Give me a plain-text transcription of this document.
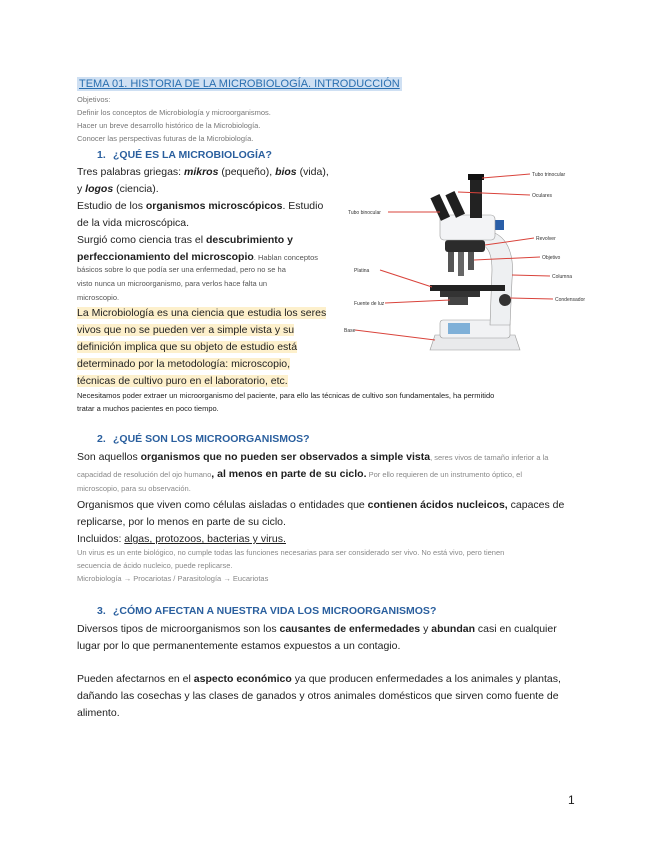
TEMA 01. HISTORIA DE LA MICROBIOLOGÍA. INTRODUCCIÓN
Objetivos:
Definir los conceptos de Microbiología y microorganismos.
Hacer un breve desarrollo histórico de la Microbiología.
Conocer las perspectivas futuras de la Microbiología.
1. ¿QUÉ ES LA MICROBIOLOGÍA?
Tres palabras griegas: mikros (pequeño), bios (vida),
y logos (ciencia).
Estudio de los organismos microscópicos. Estudio
de la vida microscópica.
Surgió como ciencia tras el descubrimiento y
perfeccionamiento del microscopio. Hablan conceptos
básicos sobre lo que podía ser una enfermedad, pero no se ha
visto nunca un microorganismo, para verlos hace falta un
microscopio.
La Microbiología es una ciencia que estudia los seres
vivos que no se pueden ver a simple vista y su
definición implica que su objeto de estudio está
determinado por la metodología: microscopio,
técnicas de cultivo puro en el laboratorio, etc.
Necesitamos poder extraer un microorganismo del paciente, para ello las técnicas de cultivo son fundamentales, ha permitido
tratar a muchos pacientes en poco tiempo.
Tubo trinocular
Oculares
Tubo binocular
Revolver
Objetivo
Platina
Columna
Fuente de luz
Condensador
Base
2. ¿QUÉ SON LOS MICROORGANISMOS?
Son aquellos organismos que no pueden ser observados a simple vista, seres vivos de tamaño inferior a la
capacidad de resolución del ojo humano, al menos en parte de su ciclo. Por ello requieren de un instrumento óptico, el
microscopio, para su observación.
Organismos que viven como células aisladas o entidades que contienen ácidos nucleicos, capaces de
replicarse, por lo menos en parte de su ciclo.
Incluidos: algas, protozoos, bacterias y virus.
Un virus es un ente biológico, no cumple todas las funciones necesarias para ser considerado ser vivo. No está vivo, pero tienen
secuencia de ácido nucleico, puede replicarse.
Microbiología → Procariotas / Parasitología → Eucariotas
3. ¿CÓMO AFECTAN A NUESTRA VIDA LOS MICROORGANISMOS?
Diversos tipos de microorganismos son los causantes de enfermedades y abundan casi en cualquier
lugar por lo que permanentemente estamos expuestos a un contagio.
Pueden afectarnos en el aspecto económico ya que producen enfermedades a los animales y plantas,
dañando las cosechas y las clases de ganados y otros animales domésticos que sirven como fuente de
alimento.
1
